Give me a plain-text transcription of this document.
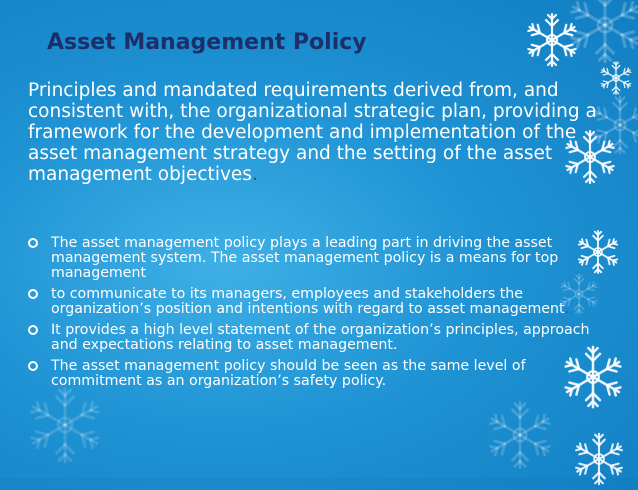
Asset Management Policy

Principles and mandated requirements derived from, and consistent with, the organizational strategic plan, providing a framework for the development and implementation of the asset management strategy and the setting of the asset management objectives.

The asset management policy plays a leading part in driving the asset management system. The asset management policy is a means for top management
to communicate to its managers, employees and stakeholders the organization’s position and intentions with regard to asset management.
It provides a high level statement of the organization’s principles, approach and expectations relating to asset management.
The asset management policy should be seen as the same level of commitment as an organization’s safety policy.
